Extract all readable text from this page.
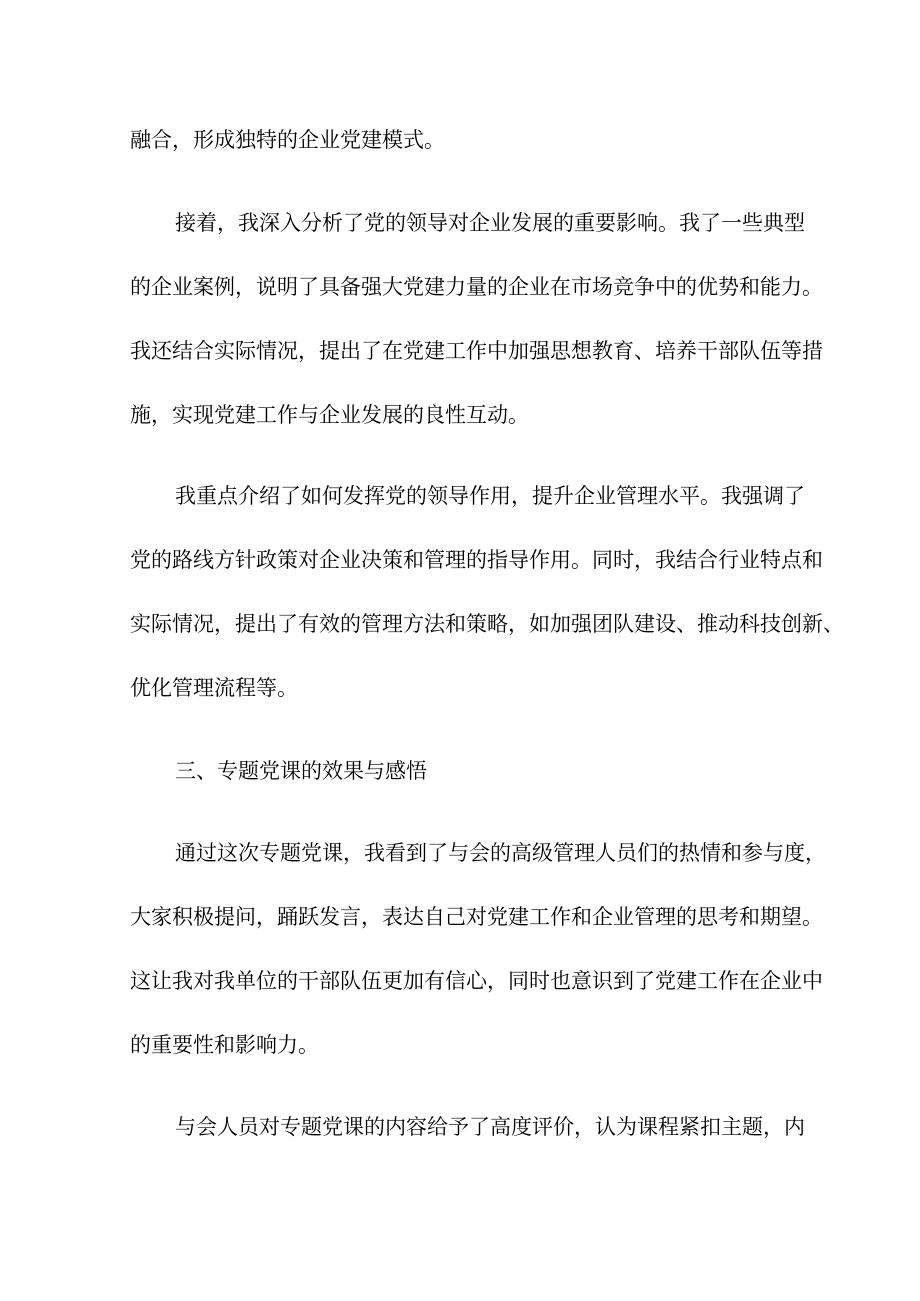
融合，形成独特的企业党建模式。

接着，我深入分析了党的领导对企业发展的重要影响。我了一些典型

的企业案例，说明了具备强大党建力量的企业在市场竞争中的优势和能力。

我还结合实际情况，提出了在党建工作中加强思想教育、培养干部队伍等措

施，实现党建工作与企业发展的良性互动。

我重点介绍了如何发挥党的领导作用，提升企业管理水平。我强调了

党的路线方针政策对企业决策和管理的指导作用。同时，我结合行业特点和

实际情况，提出了有效的管理方法和策略，如加强团队建设、推动科技创新、

优化管理流程等。

三、专题党课的效果与感悟

通过这次专题党课，我看到了与会的高级管理人员们的热情和参与度，

大家积极提问，踊跃发言，表达自己对党建工作和企业管理的思考和期望。

这让我对我单位的干部队伍更加有信心，同时也意识到了党建工作在企业中

的重要性和影响力。

与会人员对专题党课的内容给予了高度评价，认为课程紧扣主题，内
